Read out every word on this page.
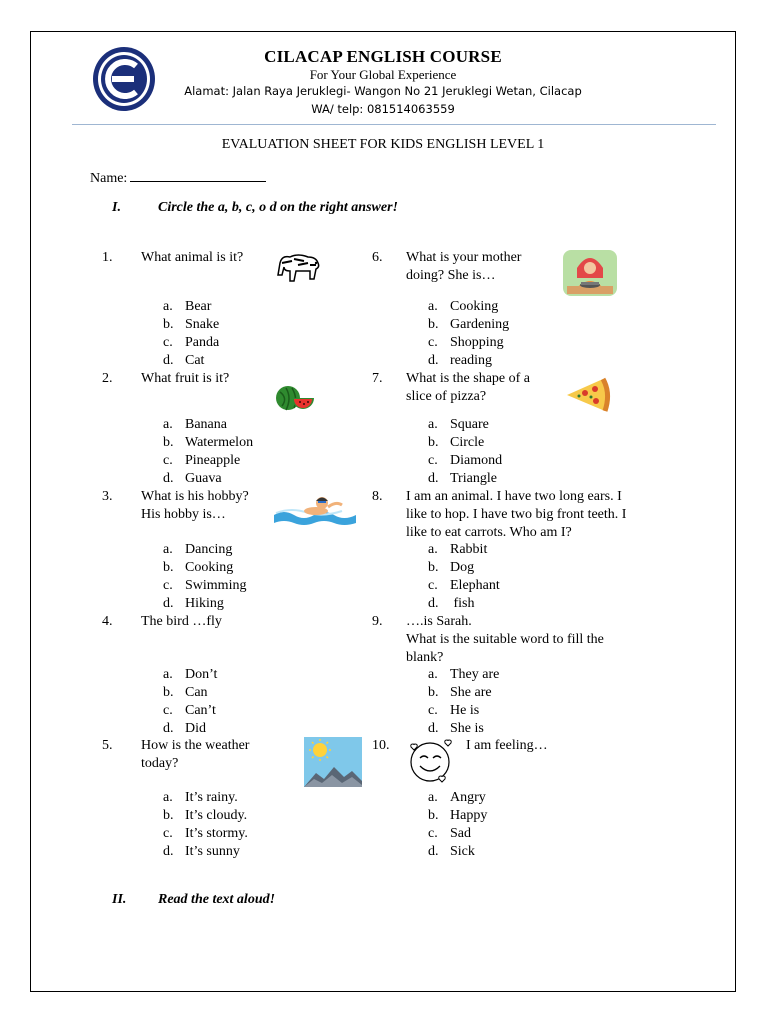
CILACAP ENGLISH COURSE
For Your Global Experience
Alamat: Jalan Raya Jeruklegi- Wangon No 21 Jeruklegi Wetan, Cilacap
WA/ telp: 081514063559
EVALUATION SHEET FOR KIDS ENGLISH LEVEL 1
Name:
I.	Circle the a, b, c, o d on the right answer!
1. What animal is it?
a. Bear
b. Snake
c. Panda
d. Cat
2. What fruit is it?
a. Banana
b. Watermelon
c. Pineapple
d. Guava
3. What is his hobby?
His hobby is…
a. Dancing
b. Cooking
c. Swimming
d. Hiking
4. The bird …fly
a. Don’t
b. Can
c. Can’t
d. Did
5. How is the weather
today?
a. It’s rainy.
b. It’s cloudy.
c. It’s stormy.
d. It’s sunny
6. What is your mother
doing? She is…
a. Cooking
b. Gardening
c. Shopping
d. reading
7. What is the shape of a
slice of pizza?
a. Square
b. Circle
c. Diamond
d. Triangle
8. I am an animal. I have two long ears. I
like to hop. I have two big front teeth. I
like to eat carrots. Who am I?
a. Rabbit
b. Dog
c. Elephant
d. fish
9. ….is Sarah.
What is the suitable word to fill the
blank?
a. They are
b. She are
c. He is
d. She is
10.	I am feeling…
a. Angry
b. Happy
c. Sad
d. Sick
II. Read the text aloud!
